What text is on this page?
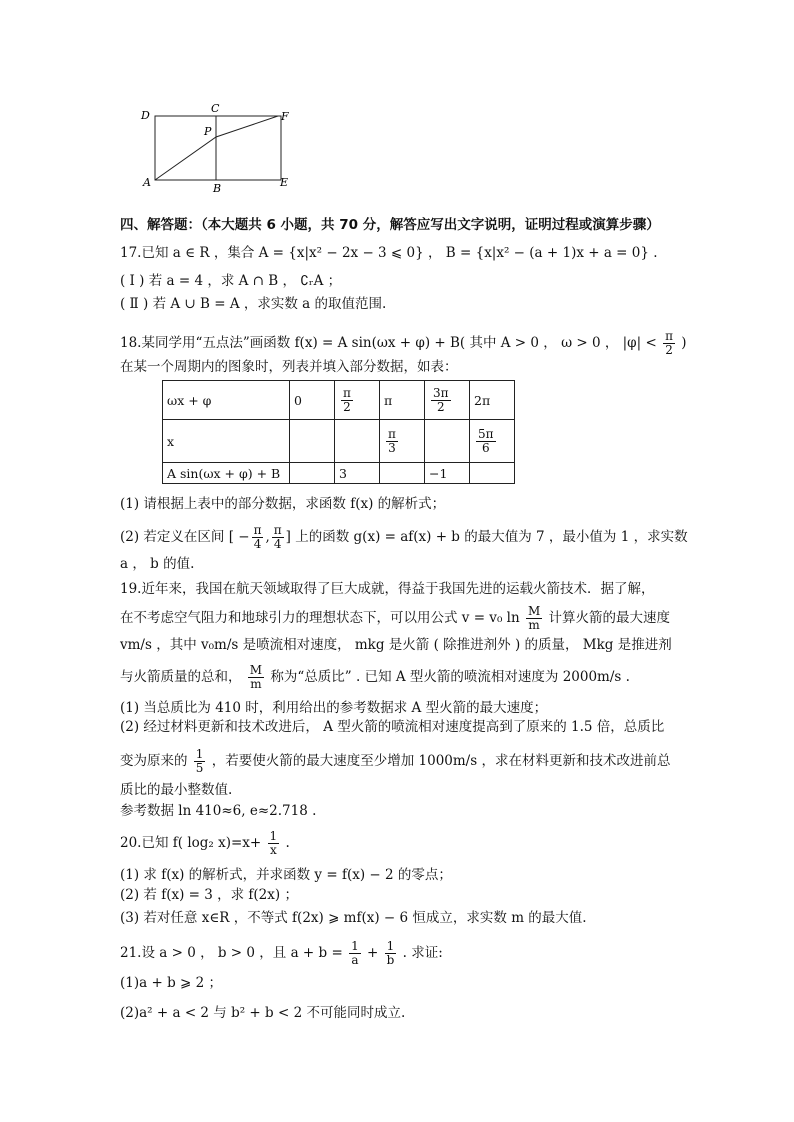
D
C
F
P
A	B	E
四、解答题：（本大题共 6 小题，共 70 分，解答应写出文字说明，证明过程或演算步骤）
17.已知 a ∈ R ，集合 A = {x|x² − 2x − 3 ⩽ 0} ， B = {x|x² − (a + 1)x + a = 0} .
( Ⅰ ) 若 a = 4 ，求 A ∩ B ， ∁ᵣA ；
( Ⅱ ) 若 A ∪ B = A ，求实数 a 的取值范围.
18.某同学用“五点法”画函数 f(x) = A sin(ωx + φ) + B( 其中 A > 0 ， ω > 0 ， $|\varphi| < \frac{\pi}{2}$ )
在某一个周期内的图象时，列表并填入部分数据，如表：
ωx + φ	0	$\frac{\pi}{2}$	π	$\frac{3\pi}{2}$	2π
x			$\frac{\pi}{3}$		$\frac{5\pi}{6}$

A sin(ωx + φ) + B		3		−1	
(1) 请根据上表中的部分数据，求函数 f(x) 的解析式；
(2) 若定义在区间 [ − $\frac{\pi}{4}$ , $\frac{\pi}{4}$ ] 上的函数 g(x) = af(x) + b 的最大值为 7 ，最小值为 1 ，求实数
a ， b 的值.
19.近年来，我国在航天领域取得了巨大成就，得益于我国先进的运载火箭技术．据了解，
在不考虑空气阻力和地球引力的理想状态下，可以用公式 v = v₀ $\ln \frac{M}{m}$ 计算火箭的最大速度
vm/s ，其中 v₀m/s 是喷流相对速度， mkg 是火箭 ( 除推进剂外 ) 的质量， Mkg 是推进剂
与火箭质量的总和， $\frac{M}{m}$ 称为“总质比” . 已知 A 型火箭的喷流相对速度为 2000m/s .
(1) 当总质比为 410 时，利用给出的参考数据求 A 型火箭的最大速度；
(2) 经过材料更新和技术改进后， A 型火箭的喷流相对速度提高到了原来的 1.5 倍，总质比
变为原来的 $\frac{1}{5}$ ，若要使火箭的最大速度至少增加 1000m/s ，求在材料更新和技术改进前总
质比的最小整数值.
参考数据 ln 410≈6, e≈2.718 .
20.已知 f( log₂ $x)=x+ \frac{1}{x}$ .
(1) 求 f(x) 的解析式，并求函数 y = f(x) − 2 的零点；
(2) 若 f(x) = 3 ，求 f(2x) ；
(3) 若对任意 x∈R ，不等式 f(2x) ⩾ mf(x) − 6 恒成立，求实数 m 的最大值.
21.设 a > 0 ， b > 0 ，且 $a + b = \frac{1}{a} + \frac{1}{b}$ . 求证:
(1)a + b ⩾ 2 ；
(2)a² + a < 2 与 b² + b < 2 不可能同时成立.
